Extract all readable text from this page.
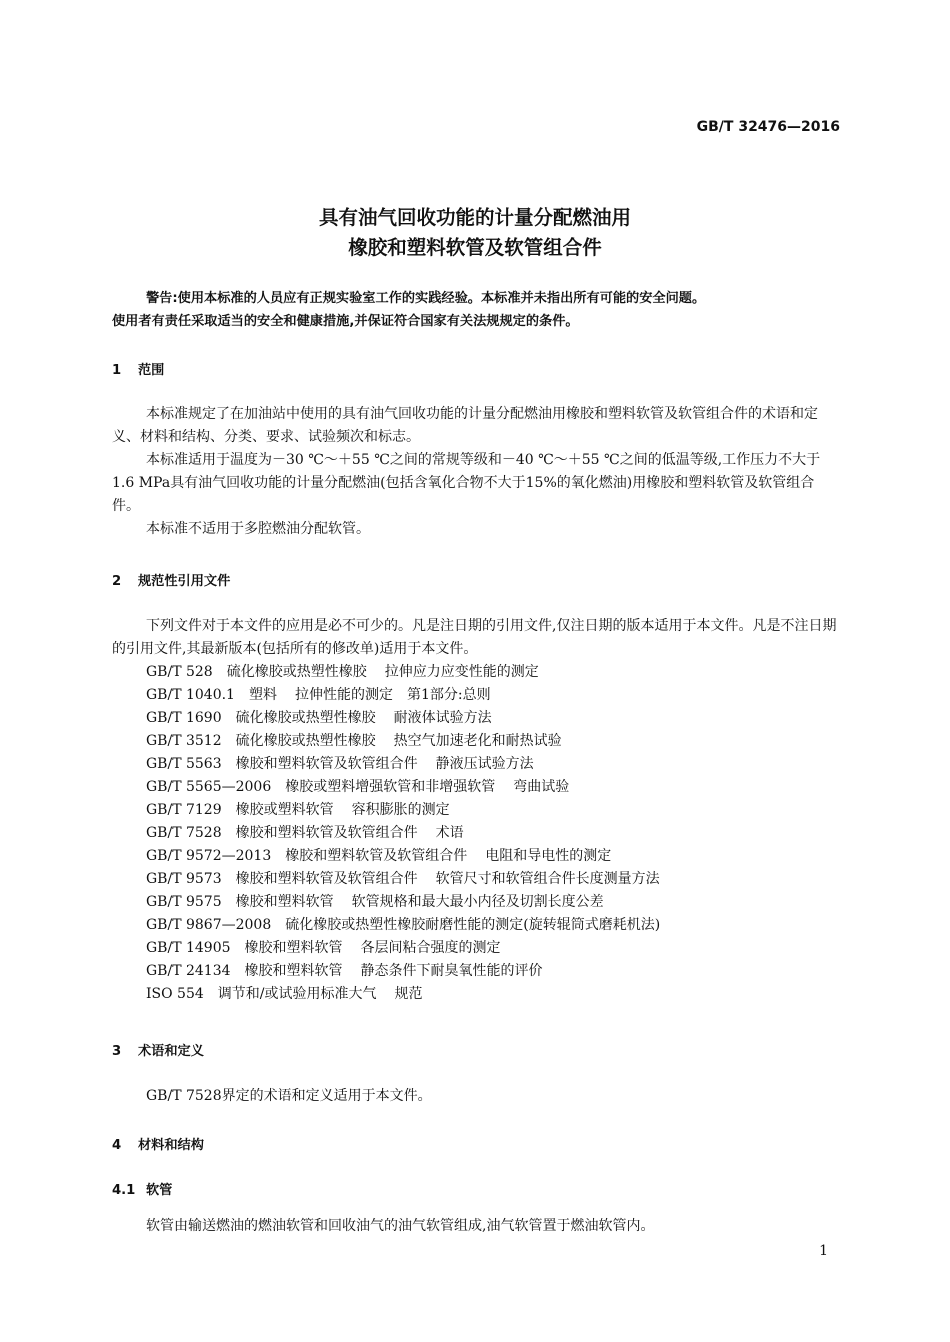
GB/T 32476—2016
具有油气回收功能的计量分配燃油用
橡胶和塑料软管及软管组合件
警告:使用本标准的人员应有正规实验室工作的实践经验。本标准并未指出所有可能的安全问题。
使用者有责任采取适当的安全和健康措施,并保证符合国家有关法规规定的条件。
1 范围

本标准规定了在加油站中使用的具有油气回收功能的计量分配燃油用橡胶和塑料软管及软管组合件的术语和定义、材料和结构、分类、要求、试验频次和标志。

本标准适用于温度为－30 ℃～＋55 ℃之间的常规等级和－40 ℃～＋55 ℃之间的低温等级,工作压力不大于1.6 MPa具有油气回收功能的计量分配燃油(包括含氧化合物不大于15%的氧化燃油)用橡胶和塑料软管及软管组合件。

本标准不适用于多腔燃油分配软管。

2 规范性引用文件

下列文件对于本文件的应用是必不可少的。凡是注日期的引用文件,仅注日期的版本适用于本文件。凡是不注日期的引用文件,其最新版本(包括所有的修改单)适用于本文件。

GB/T 528 硫化橡胶或热塑性橡胶 拉伸应力应变性能的测定
GB/T 1040.1 塑料 拉伸性能的测定　第1部分:总则
GB/T 1690 硫化橡胶或热塑性橡胶 耐液体试验方法
GB/T 3512 硫化橡胶或热塑性橡胶 热空气加速老化和耐热试验
GB/T 5563 橡胶和塑料软管及软管组合件 静液压试验方法
GB/T 5565—2006 橡胶或塑料增强软管和非增强软管 弯曲试验
GB/T 7129 橡胶或塑料软管 容积膨胀的测定
GB/T 7528 橡胶和塑料软管及软管组合件 术语
GB/T 9572—2013 橡胶和塑料软管及软管组合件 电阻和导电性的测定
GB/T 9573 橡胶和塑料软管及软管组合件 软管尺寸和软管组合件长度测量方法
GB/T 9575 橡胶和塑料软管 软管规格和最大最小内径及切割长度公差
GB/T 9867—2008 硫化橡胶或热塑性橡胶耐磨性能的测定(旋转辊筒式磨耗机法)
GB/T 14905 橡胶和塑料软管 各层间粘合强度的测定
GB/T 24134 橡胶和塑料软管 静态条件下耐臭氧性能的评价
ISO 554 调节和/或试验用标准大气 规范
3 术语和定义

GB/T 7528界定的术语和定义适用于本文件。

4 材料和结构
4.1 软管

软管由输送燃油的燃油软管和回收油气的油气软管组成,油气软管置于燃油软管内。

1
